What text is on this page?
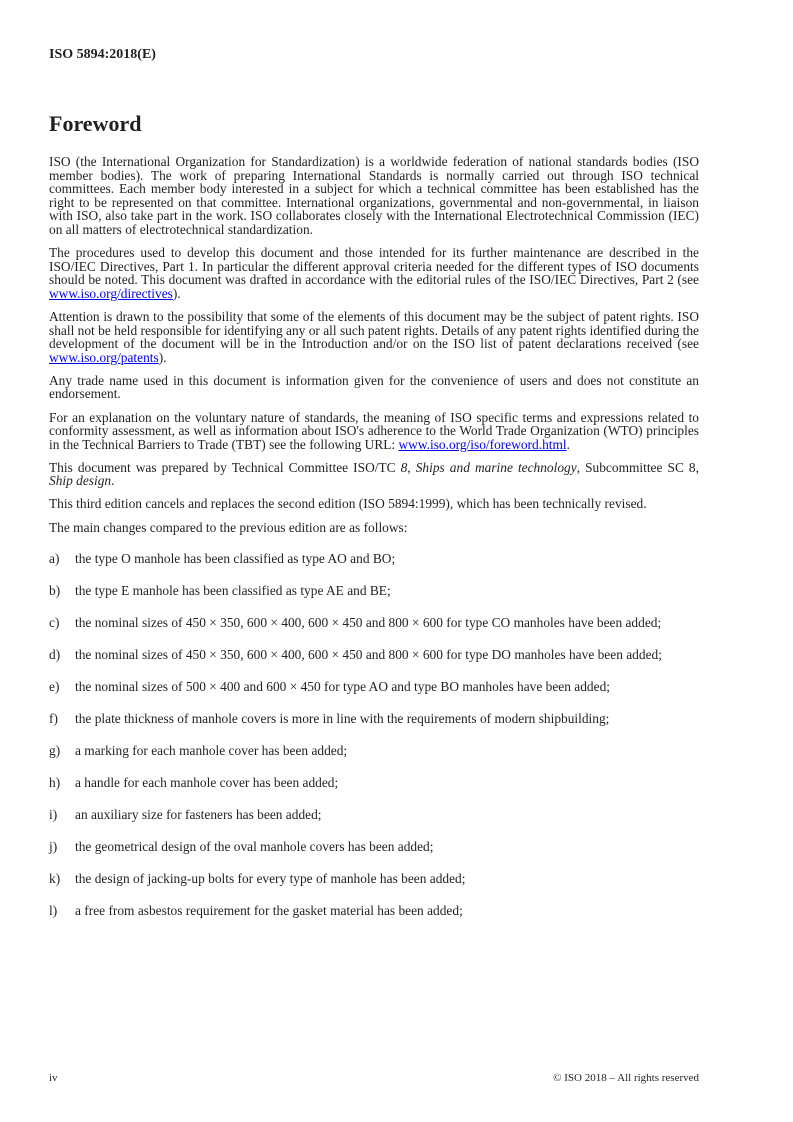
ISO 5894:2018(E)
Foreword

ISO (the International Organization for Standardization) is a worldwide federation of national standards bodies (ISO member bodies). The work of preparing International Standards is normally carried out through ISO technical committees. Each member body interested in a subject for which a technical committee has been established has the right to be represented on that committee. International organizations, governmental and non-governmental, in liaison with ISO, also take part in the work. ISO collaborates closely with the International Electrotechnical Commission (IEC) on all matters of electrotechnical standardization.

The procedures used to develop this document and those intended for its further maintenance are described in the ISO/IEC Directives, Part 1. In particular the different approval criteria needed for the different types of ISO documents should be noted. This document was drafted in accordance with the editorial rules of the ISO/IEC Directives, Part 2 (see www.iso.org/directives).

Attention is drawn to the possibility that some of the elements of this document may be the subject of patent rights. ISO shall not be held responsible for identifying any or all such patent rights. Details of any patent rights identified during the development of the document will be in the Introduction and/or on the ISO list of patent declarations received (see www.iso.org/patents).

Any trade name used in this document is information given for the convenience of users and does not constitute an endorsement.

For an explanation on the voluntary nature of standards, the meaning of ISO specific terms and expressions related to conformity assessment, as well as information about ISO's adherence to the World Trade Organization (WTO) principles in the Technical Barriers to Trade (TBT) see the following URL: www.iso.org/iso/foreword.html.

This document was prepared by Technical Committee ISO/TC 8, Ships and marine technology, Subcommittee SC 8, Ship design.

This third edition cancels and replaces the second edition (ISO 5894:1999), which has been technically revised.

The main changes compared to the previous edition are as follows:

a)	the type O manhole has been classified as type AO and BO;
b)	the type E manhole has been classified as type AE and BE;
c)	the nominal sizes of 450 × 350, 600 × 400, 600 × 450 and 800 × 600 for type CO manholes have been added;
d)	the nominal sizes of 450 × 350, 600 × 400, 600 × 450 and 800 × 600 for type DO manholes have been added;
e)	the nominal sizes of 500 × 400 and 600 × 450 for type AO and type BO manholes have been added;
f)	the plate thickness of manhole covers is more in line with the requirements of modern shipbuilding;
g)	a marking for each manhole cover has been added;
h)	a handle for each manhole cover has been added;
i)	an auxiliary size for fasteners has been added;
j)	the geometrical design of the oval manhole covers has been added;
k)	the design of jacking-up bolts for every type of manhole has been added;
l)	a free from asbestos requirement for the gasket material has been added;
iv	© ISO 2018 – All rights reserved
